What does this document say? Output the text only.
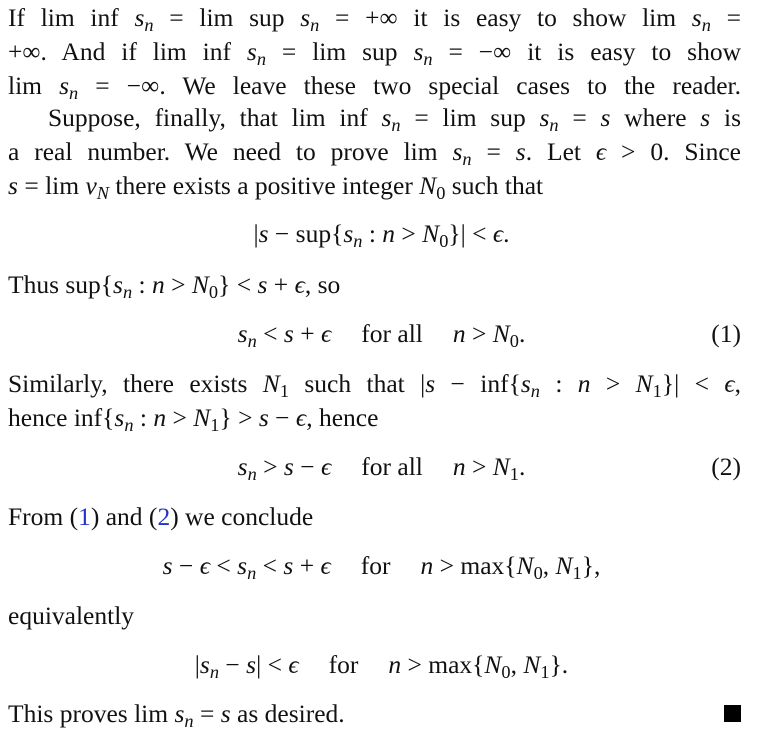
If lim inf $s_n = \lim$ sup $s_n$ = +∞ it is easy to show $\lim s_n$ =
+∞. And if lim inf $s_n = \lim$ sup $s_n$ = −∞ it is easy to show
$\lim s_n$ = −∞. We leave these two special cases to the reader.
Suppose, finally, that lim inf $s_n = \lim$ sup $s_n = s$ where s is
a real number. We need to prove $\lim s_n = s$. Let ϵ > 0. Since
$s = \lim v_N$ there exists a positive integer $N_0$ such that
$|s - sup\{s_n$ : $n > N_0\}| < \epsilon$.
Thus $sup\{s_n$ : $n > N_0\} < s + \epsilon$, so
$s_n < s + \epsilon$ for all $n > N_0$.	(1)
Similarly, there exists $N_1$ such that $|s - inf\{s_n$ : $n > N_1\}| < \epsilon$,
hence $inf\{s_n$ : $n > N_1\} > s - \epsilon$, hence
$s_n > s - \epsilon$ for all $n > N_1$.	(2)
From (1) and (2) we conclude
$s - \epsilon < s_n < s + \epsilon$ for $n > \max\{N_0$, $N_1$},
equivalently
$|s_n - s| < \epsilon$ for $n > \max\{N_0$, $N_1$}.
This proves $\lim s_n = s$ as desired.
